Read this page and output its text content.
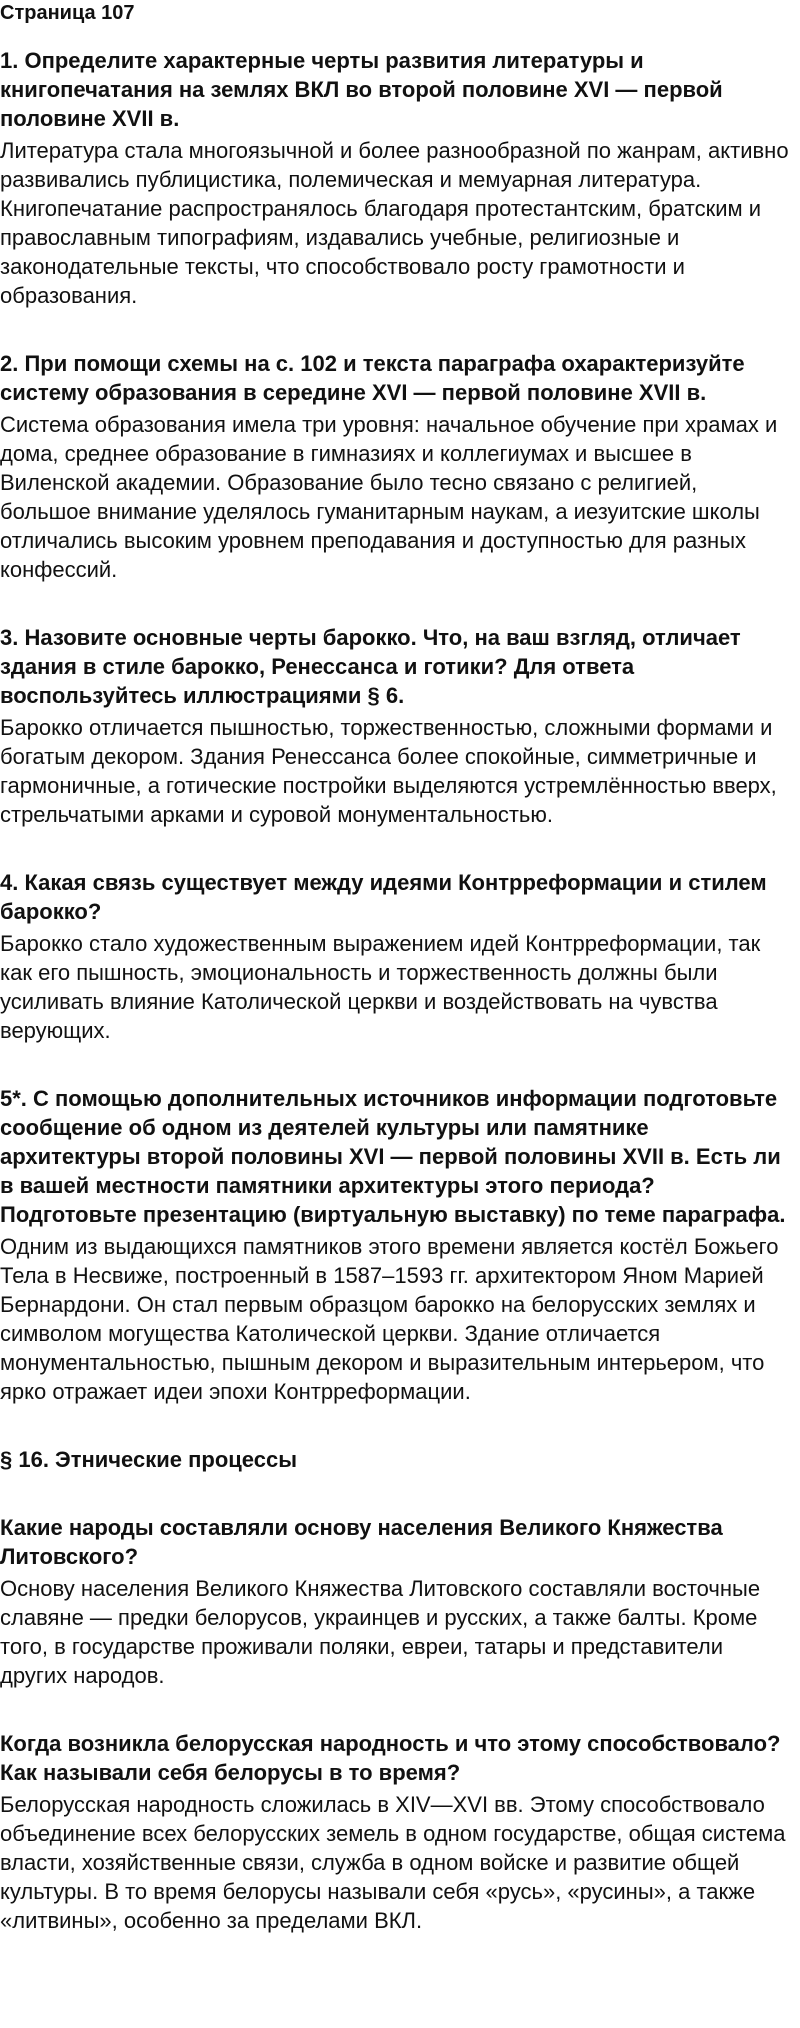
Страница 107

1. Определите характерные черты развития литературы и книгопечатания на землях ВКЛ во второй половине XVI — первой половине XVII в.

Литература стала многоязычной и более разнообразной по жанрам, активно развивались публицистика, полемическая и мемуарная литература. Книгопечатание распространялось благодаря протестантским, братским и православным типографиям, издавались учебные, религиозные и законодательные тексты, что способствовало росту грамотности и образования.

2. При помощи схемы на с. 102 и текста параграфа охарактеризуйте систему образования в середине XVI — первой половине XVII в.

Система образования имела три уровня: начальное обучение при храмах и дома, среднее образование в гимназиях и коллегиумах и высшее в Виленской академии. Образование было тесно связано с религией, большое внимание уделялось гуманитарным наукам, а иезуитские школы отличались высоким уровнем преподавания и доступностью для разных конфессий.

3. Назовите основные черты барокко. Что, на ваш взгляд, отличает здания в стиле барокко, Ренессанса и готики? Для ответа воспользуйтесь иллюстрациями § 6.

Барокко отличается пышностью, торжественностью, сложными формами и богатым декором. Здания Ренессанса более спокойные, симметричные и гармоничные, а готические постройки выделяются устремлённостью вверх, стрельчатыми арками и суровой монументальностью.

4. Какая связь существует между идеями Контрреформации и стилем барокко?

Барокко стало художественным выражением идей Контрреформации, так как его пышность, эмоциональность и торжественность должны были усиливать влияние Католической церкви и воздействовать на чувства верующих.

5*. С помощью дополнительных источников информации подготовьте сообщение об одном из деятелей культуры или памятнике архитектуры второй половины XVI — первой половины XVII в. Есть ли в вашей местности памятники архитектуры этого периода? Подготовьте презентацию (виртуальную выставку) по теме параграфа.

Одним из выдающихся памятников этого времени является костёл Божьего Тела в Несвиже, построенный в 1587–1593 гг. архитектором Яном Марией Бернардони. Он стал первым образцом барокко на белорусских землях и символом могущества Католической церкви. Здание отличается монументальностью, пышным декором и выразительным интерьером, что ярко отражает идеи эпохи Контрреформации.

§ 16. Этнические процессы

Какие народы составляли основу населения Великого Княжества Литовского?

Основу населения Великого Княжества Литовского составляли восточные славяне — предки белорусов, украинцев и русских, а также балты. Кроме того, в государстве проживали поляки, евреи, татары и представители других народов.

Когда возникла белорусская народность и что этому способствовало? Как называли себя белорусы в то время?

Белорусская народность сложилась в XIV—XVI вв. Этому способствовало объединение всех белорусских земель в одном государстве, общая система власти, хозяйственные связи, служба в одном войске и развитие общей культуры. В то время белорусы называли себя «русь», «русины», а также «литвины», особенно за пределами ВКЛ.
